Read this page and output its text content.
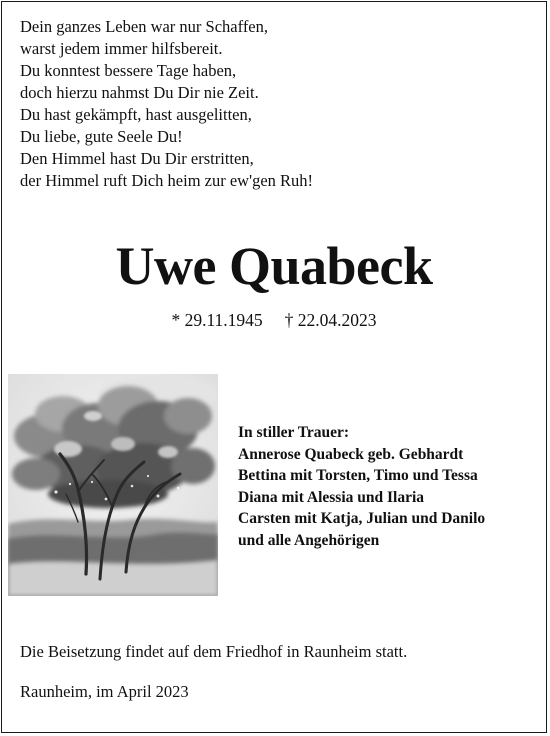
Dein ganzes Leben war nur Schaffen,
warst jedem immer hilfsbereit.
Du konntest bessere Tage haben,
doch hierzu nahmst Du Dir nie Zeit.
Du hast gekämpft, hast ausgelitten,
Du liebe, gute Seele Du!
Den Himmel hast Du Dir erstritten,
der Himmel ruft Dich heim zur ew'gen Ruh!
Uwe Quabeck
* 29.11.1945 † 22.04.2023
In stiller Trauer:
Annerose Quabeck geb. Gebhardt
Bettina mit Torsten, Timo und Tessa
Diana mit Alessia und Ilaria
Carsten mit Katja, Julian und Danilo
und alle Angehörigen
Die Beisetzung findet auf dem Friedhof in Raunheim statt.
Raunheim, im April 2023
